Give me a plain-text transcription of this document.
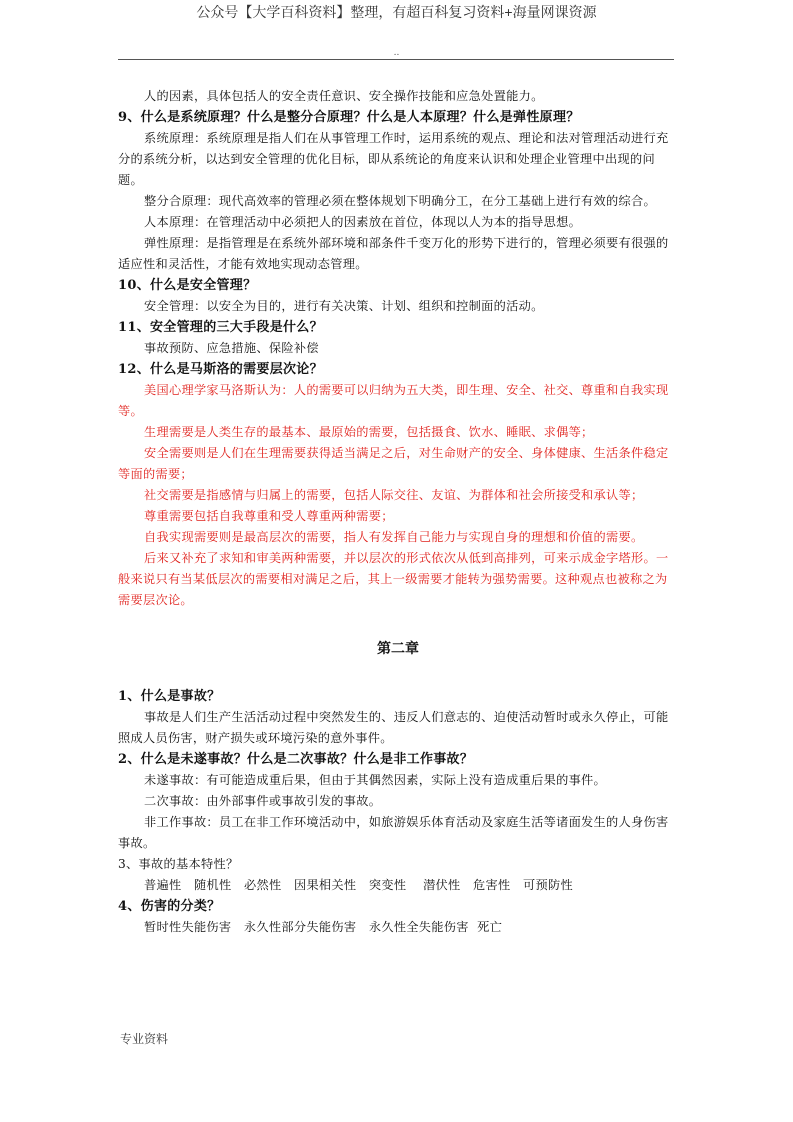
公众号【大学百科资料】整理，有超百科复习资料+海量网课资源
..

人的因素，具体包括人的安全责任意识、安全操作技能和应急处置能力。

9、什么是系统原理？什么是整分合原理？什么是人本原理？什么是弹性原理？

系统原理：系统原理是指人们在从事管理工作时，运用系统的观点、理论和法对管理活动进行充分的系统分析，以达到安全管理的优化目标，即从系统论的角度来认识和处理企业管理中出现的问题。

整分合原理：现代高效率的管理必须在整体规划下明确分工，在分工基础上进行有效的综合。

人本原理：在管理活动中必须把人的因素放在首位，体现以人为本的指导思想。

弹性原理：是指管理是在系统外部环境和部条件千变万化的形势下进行的，管理必须要有很强的适应性和灵活性，才能有效地实现动态管理。

10、什么是安全管理？

安全管理：以安全为目的，进行有关决策、计划、组织和控制面的活动。

11、安全管理的三大手段是什么？

事故预防、应急措施、保险补偿

12、什么是马斯洛的需要层次论？

美国心理学家马洛斯认为：人的需要可以归纳为五大类，即生理、安全、社交、尊重和自我实现等。

生理需要是人类生存的最基本、最原始的需要，包括摄食、饮水、睡眠、求偶等；

安全需要则是人们在生理需要获得适当满足之后，对生命财产的安全、身体健康、生活条件稳定等面的需要；

社交需要是指感情与归属上的需要，包括人际交往、友谊、为群体和社会所接受和承认等；

尊重需要包括自我尊重和受人尊重两种需要；

自我实现需要则是最高层次的需要，指人有发挥自己能力与实现自身的理想和价值的需要。

后来又补充了求知和审美两种需要，并以层次的形式依次从低到高排列，可来示成金字塔形。一般来说只有当某低层次的需要相对满足之后，其上一级需要才能转为强势需要。这种观点也被称之为需要层次论。

第二章

1、什么是事故？

事故是人们生产生活活动过程中突然发生的、违反人们意志的、迫使活动暂时或永久停止，可能照成人员伤害，财产损失或环境污染的意外事件。

2、什么是未遂事故？什么是二次事故？什么是非工作事故？

未遂事故：有可能造成重后果，但由于其偶然因素，实际上没有造成重后果的事件。

二次事故：由外部事件或事故引发的事故。

非工作事故：员工在非工作环境活动中，如旅游娱乐体育活动及家庭生活等诸面发生的人身伤害事故。

3、事故的基本特性？

普遍性   随机性   必然性   因果相关性   突变性    潜伏性   危害性   可预防性

4、伤害的分类？

暂时性失能伤害   永久性部分失能伤害   永久性全失能伤害  死亡

专业资料
